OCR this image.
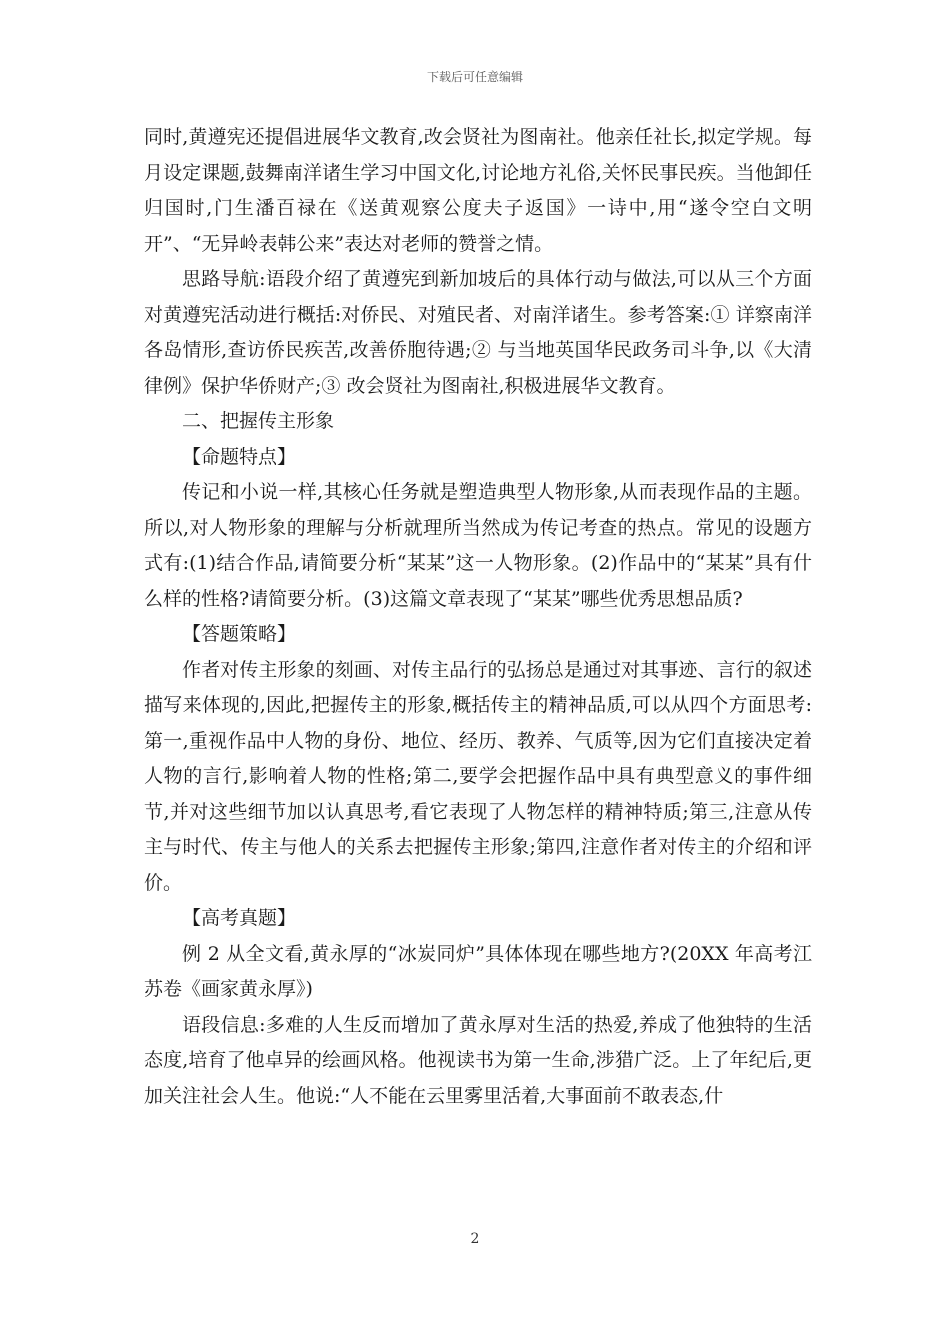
下载后可任意编辑

同时,黄遵宪还提倡进展华文教育,改会贤社为图南社。他亲任社长,拟定学规。每月设定课题,鼓舞南洋诸生学习中国文化,讨论地方礼俗,关怀民事民疾。当他卸任归国时,门生潘百禄在《送黄观察公度夫子返国》一诗中,用“遂令空白文明开”、“无异岭表韩公来”表达对老师的赞誉之情。

思路导航:语段介绍了黄遵宪到新加坡后的具体行动与做法,可以从三个方面对黄遵宪活动进行概括:对侨民、对殖民者、对南洋诸生。参考答案:① 详察南洋各岛情形,查访侨民疾苦,改善侨胞待遇;② 与当地英国华民政务司斗争,以《大清律例》保护华侨财产;③ 改会贤社为图南社,积极进展华文教育。

二、把握传主形象

【命题特点】

传记和小说一样,其核心任务就是塑造典型人物形象,从而表现作品的主题。所以,对人物形象的理解与分析就理所当然成为传记考查的热点。常见的设题方式有:(1)结合作品,请简要分析“某某”这一人物形象。(2)作品中的“某某”具有什么样的性格?请简要分析。(3)这篇文章表现了“某某”哪些优秀思想品质?

【答题策略】

作者对传主形象的刻画、对传主品行的弘扬总是通过对其事迹、言行的叙述描写来体现的,因此,把握传主的形象,概括传主的精神品质,可以从四个方面思考:第一,重视作品中人物的身份、地位、经历、教养、气质等,因为它们直接决定着人物的言行,影响着人物的性格;第二,要学会把握作品中具有典型意义的事件细节,并对这些细节加以认真思考,看它表现了人物怎样的精神特质;第三,注意从传主与时代、传主与他人的关系去把握传主形象;第四,注意作者对传主的介绍和评价。

【高考真题】

例 2 从全文看,黄永厚的“冰炭同炉”具体体现在哪些地方?(20XX 年高考江苏卷《画家黄永厚》)

语段信息:多难的人生反而增加了黄永厚对生活的热爱,养成了他独特的生活态度,培育了他卓异的绘画风格。他视读书为第一生命,涉猎广泛。上了年纪后,更加关注社会人生。他说:“人不能在云里雾里活着,大事面前不敢表态,什

2
